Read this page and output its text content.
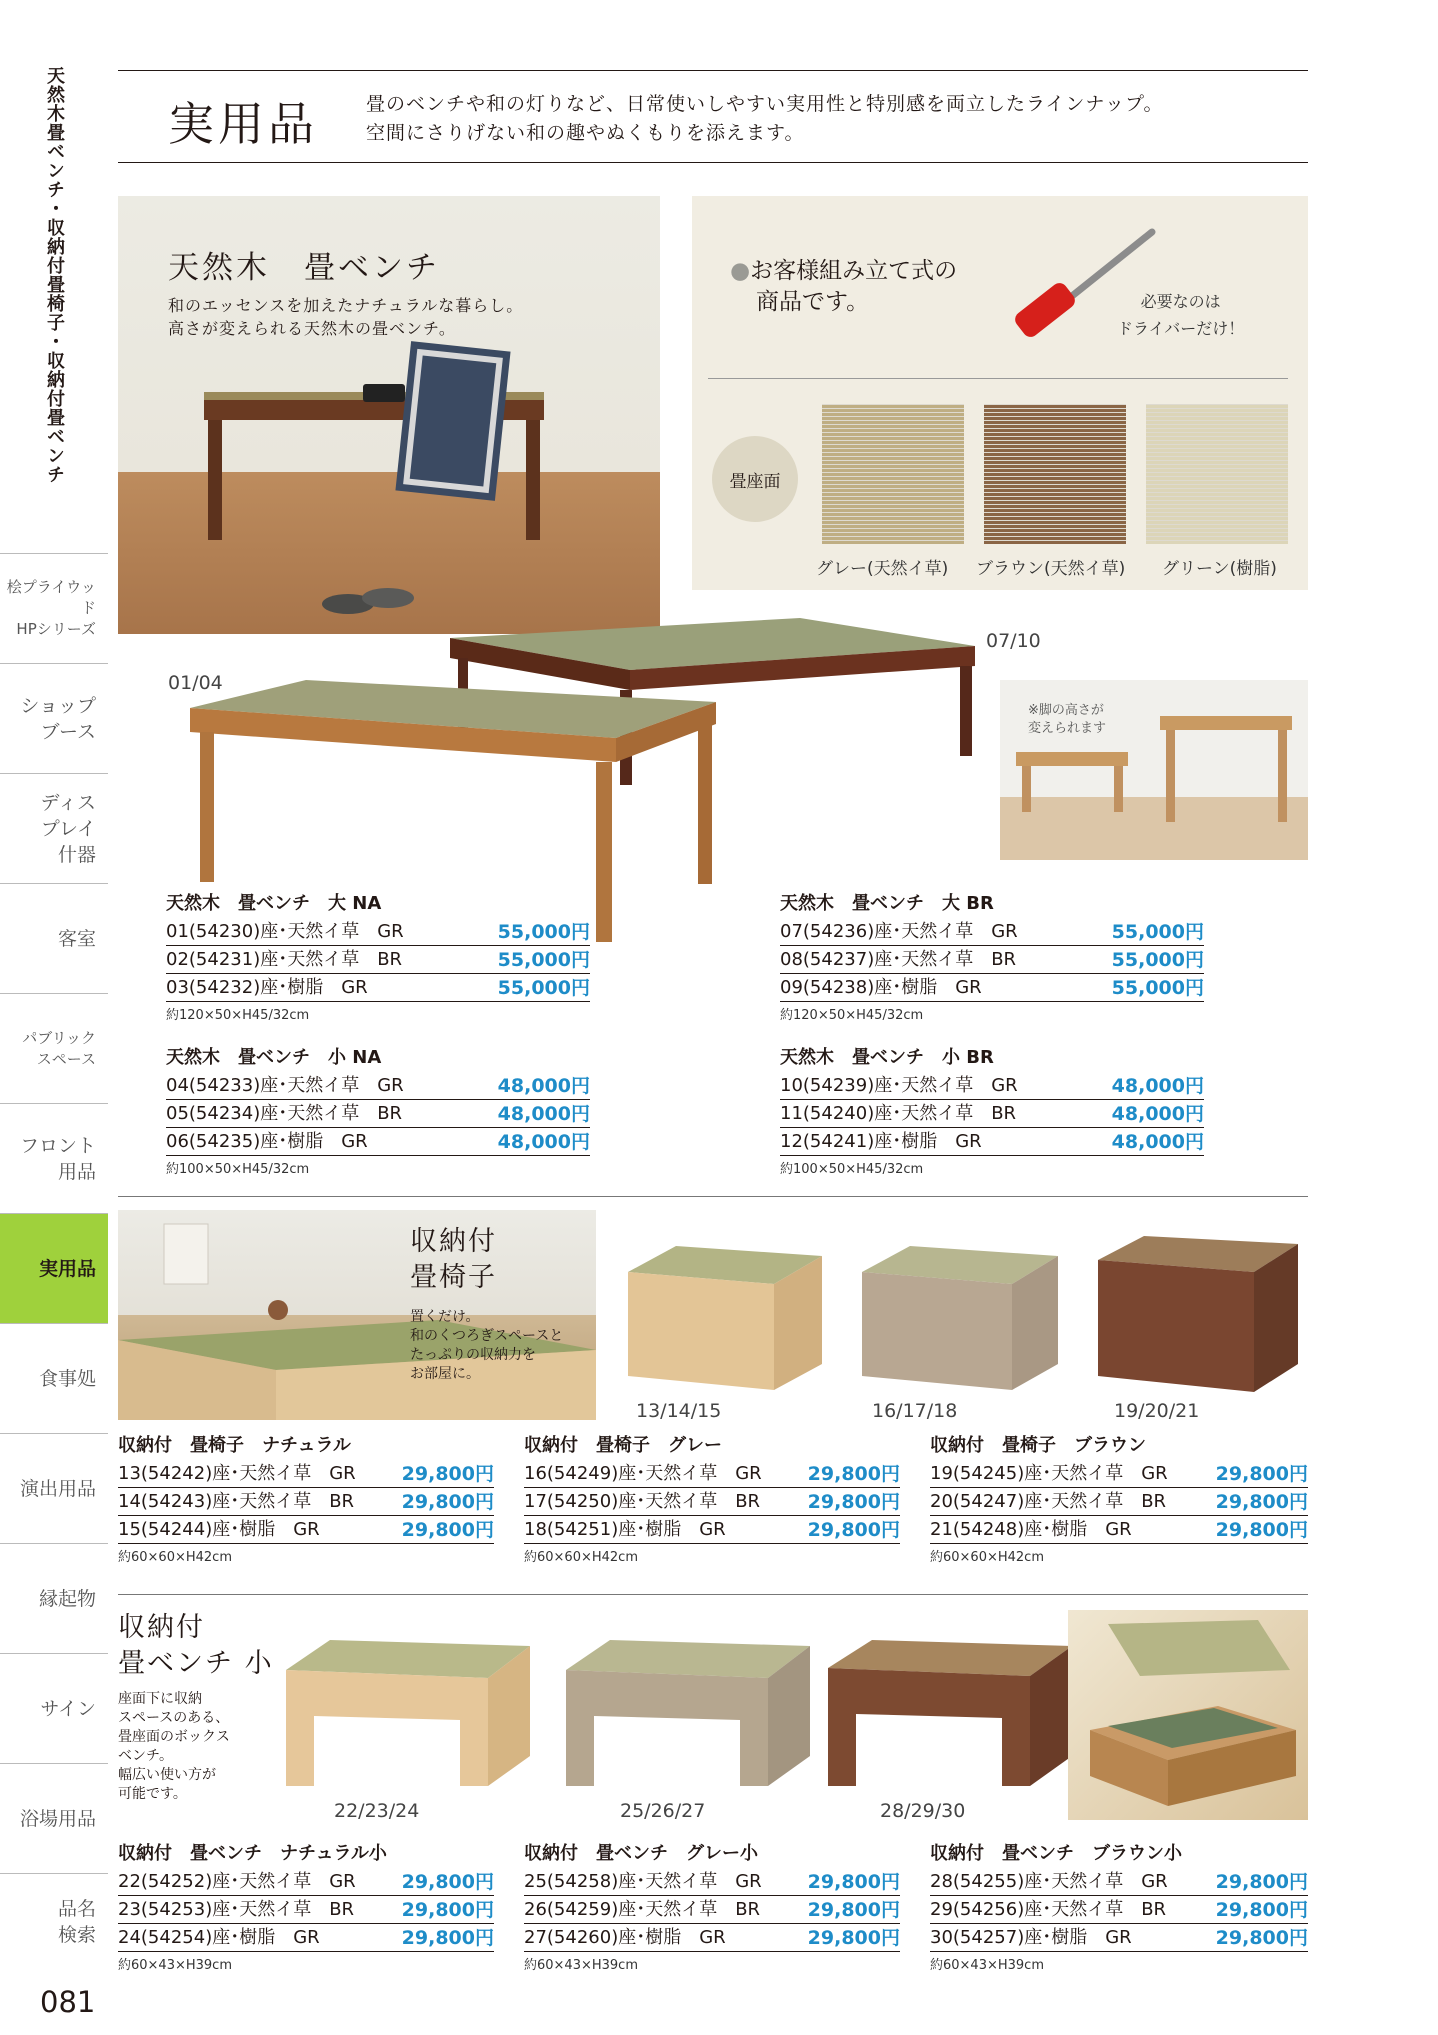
天然木畳ベンチ・収納付畳椅子・収納付畳ベンチ
桧プライウッド
HPシリーズ
ショップ
ブース
ディス
プレイ
什器
客室
パブリック
スペース
フロント
用品
実用品
食事処
演出用品
縁起物
サイン
浴場用品
品名
検索
081
実用品	畳のベンチや和の灯りなど、日常使いしやすい実用性と特別感を両立したラインナップ。
空間にさりげない和の趣やぬくもりを添えます。
天然木　畳ベンチ
和のエッセンスを加えたナチュラルな暮らし。
高さが変えられる天然木の畳ベンチ。
●お客様組み立て式の
商品です。	必要なのは
ドライバーだけ！
畳座面
グレー(天然イ草) ブラウン(天然イ草) グリーン(樹脂)
01/04
07/10
※脚の高さが
変えられます
天然木　畳ベンチ　大 NA
01(54230)座･天然イ草　GR	55,000円
02(54231)座･天然イ草　BR	55,000円
03(54232)座･樹脂　GR	55,000円
約120×50×H45/32cm
天然木　畳ベンチ　大 BR
07(54236)座･天然イ草　GR	55,000円
08(54237)座･天然イ草　BR	55,000円
09(54238)座･樹脂　GR	55,000円
約120×50×H45/32cm
天然木　畳ベンチ　小 NA
04(54233)座･天然イ草　GR	48,000円
05(54234)座･天然イ草　BR	48,000円
06(54235)座･樹脂　GR	48,000円
約100×50×H45/32cm
天然木　畳ベンチ　小 BR
10(54239)座･天然イ草　GR	48,000円
11(54240)座･天然イ草　BR	48,000円
12(54241)座･樹脂　GR	48,000円
約100×50×H45/32cm
収納付
畳椅子
置くだけ。
和のくつろぎスペースと
たっぷりの収納力を
お部屋に。
13/14/15	16/17/18	19/20/21
収納付　畳椅子　ナチュラル
13(54242)座･天然イ草　GR 29,800円
14(54243)座･天然イ草　BR	29,800円
15(54244)座･樹脂　GR	29,800円
約60×60×H42cm
収納付　畳椅子　グレー
16(54249)座･天然イ草　GR 29,800円
17(54250)座･天然イ草　BR	29,800円
18(54251)座･樹脂　GR	29,800円
約60×60×H42cm
収納付　畳椅子　ブラウン
19(54245)座･天然イ草　GR	29,800円
20(54247)座･天然イ草　BR	29,800円
21(54248)座･樹脂　GR	29,800円
約60×60×H42cm
収納付
畳ベンチ 小
座面下に収納
スペースのある、
畳座面のボックス
ベンチ。
幅広い使い方が
可能です。
22/23/24	25/26/27	28/29/30
収納付　畳ベンチ　ナチュラル小
22(54252)座･天然イ草　GR 29,800円
23(54253)座･天然イ草　BR	29,800円
24(54254)座･樹脂　GR	29,800円
約60×43×H39cm
収納付　畳ベンチ　グレー小
25(54258)座･天然イ草　GR 29,800円
26(54259)座･天然イ草　BR	29,800円
27(54260)座･樹脂　GR	29,800円
約60×43×H39cm
収納付　畳ベンチ　ブラウン小
28(54255)座･天然イ草　GR	29,800円
29(54256)座･天然イ草　BR	29,800円
30(54257)座･樹脂　GR	29,800円
約60×43×H39cm
